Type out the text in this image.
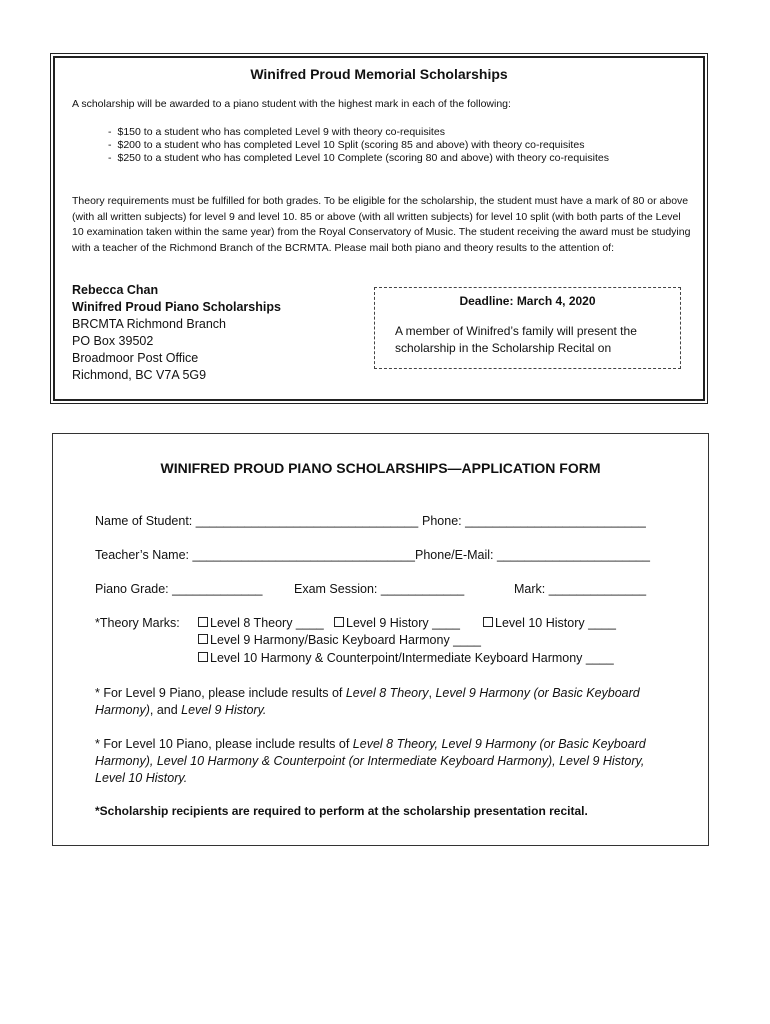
Winifred Proud Memorial Scholarships
A scholarship will be awarded to a piano student with the highest mark in each of the following:
- $150 to a student who has completed Level 9 with theory co-requisites
- $200 to a student who has completed Level 10 Split (scoring 85 and above) with theory co-requisites
- $250 to a student who has completed Level 10 Complete (scoring 80 and above) with theory co-requisites
Theory requirements must be fulfilled for both grades. To be eligible for the scholarship, the student must have a mark of 80 or above (with all written subjects) for level 9 and level 10. 85 or above (with all written subjects) for level 10 split (with both parts of the Level 10 examination taken within the same year) from the Royal Conservatory of Music. The student receiving the award must be studying with a teacher of the Richmond Branch of the BCRMTA. Please mail both piano and theory results to the attention of:
Rebecca Chan
Winifred Proud Piano Scholarships
BRCMTA Richmond Branch
PO Box 39502
Broadmoor Post Office
Richmond, BC V7A 5G9
Deadline: March 4, 2020
A member of Winifred’s family will present the scholarship in the Scholarship Recital on
WINIFRED PROUD PIANO SCHOLARSHIPS—APPLICATION FORM
Name of Student: ________________________________ Phone: __________________________
Teacher’s Name: ________________________________ Phone/E-Mail: ______________________
Piano Grade: _____________	Exam Session: ____________	Mark: ______________
*Theory Marks:	Level 8 Theory ____	Level 9 History ____	Level 10 History ____
Level 9 Harmony/Basic Keyboard Harmony ____
Level 10 Harmony & Counterpoint/Intermediate Keyboard Harmony ____
* For Level 9 Piano, please include results of Level 8 Theory, Level 9 Harmony (or Basic Keyboard Harmony), and Level 9 History.
* For Level 10 Piano, please include results of Level 8 Theory, Level 9 Harmony (or Basic Keyboard Harmony), Level 10 Harmony & Counterpoint (or Intermediate Keyboard Harmony), Level 9 History, Level 10 History.
*Scholarship recipients are required to perform at the scholarship presentation recital.
